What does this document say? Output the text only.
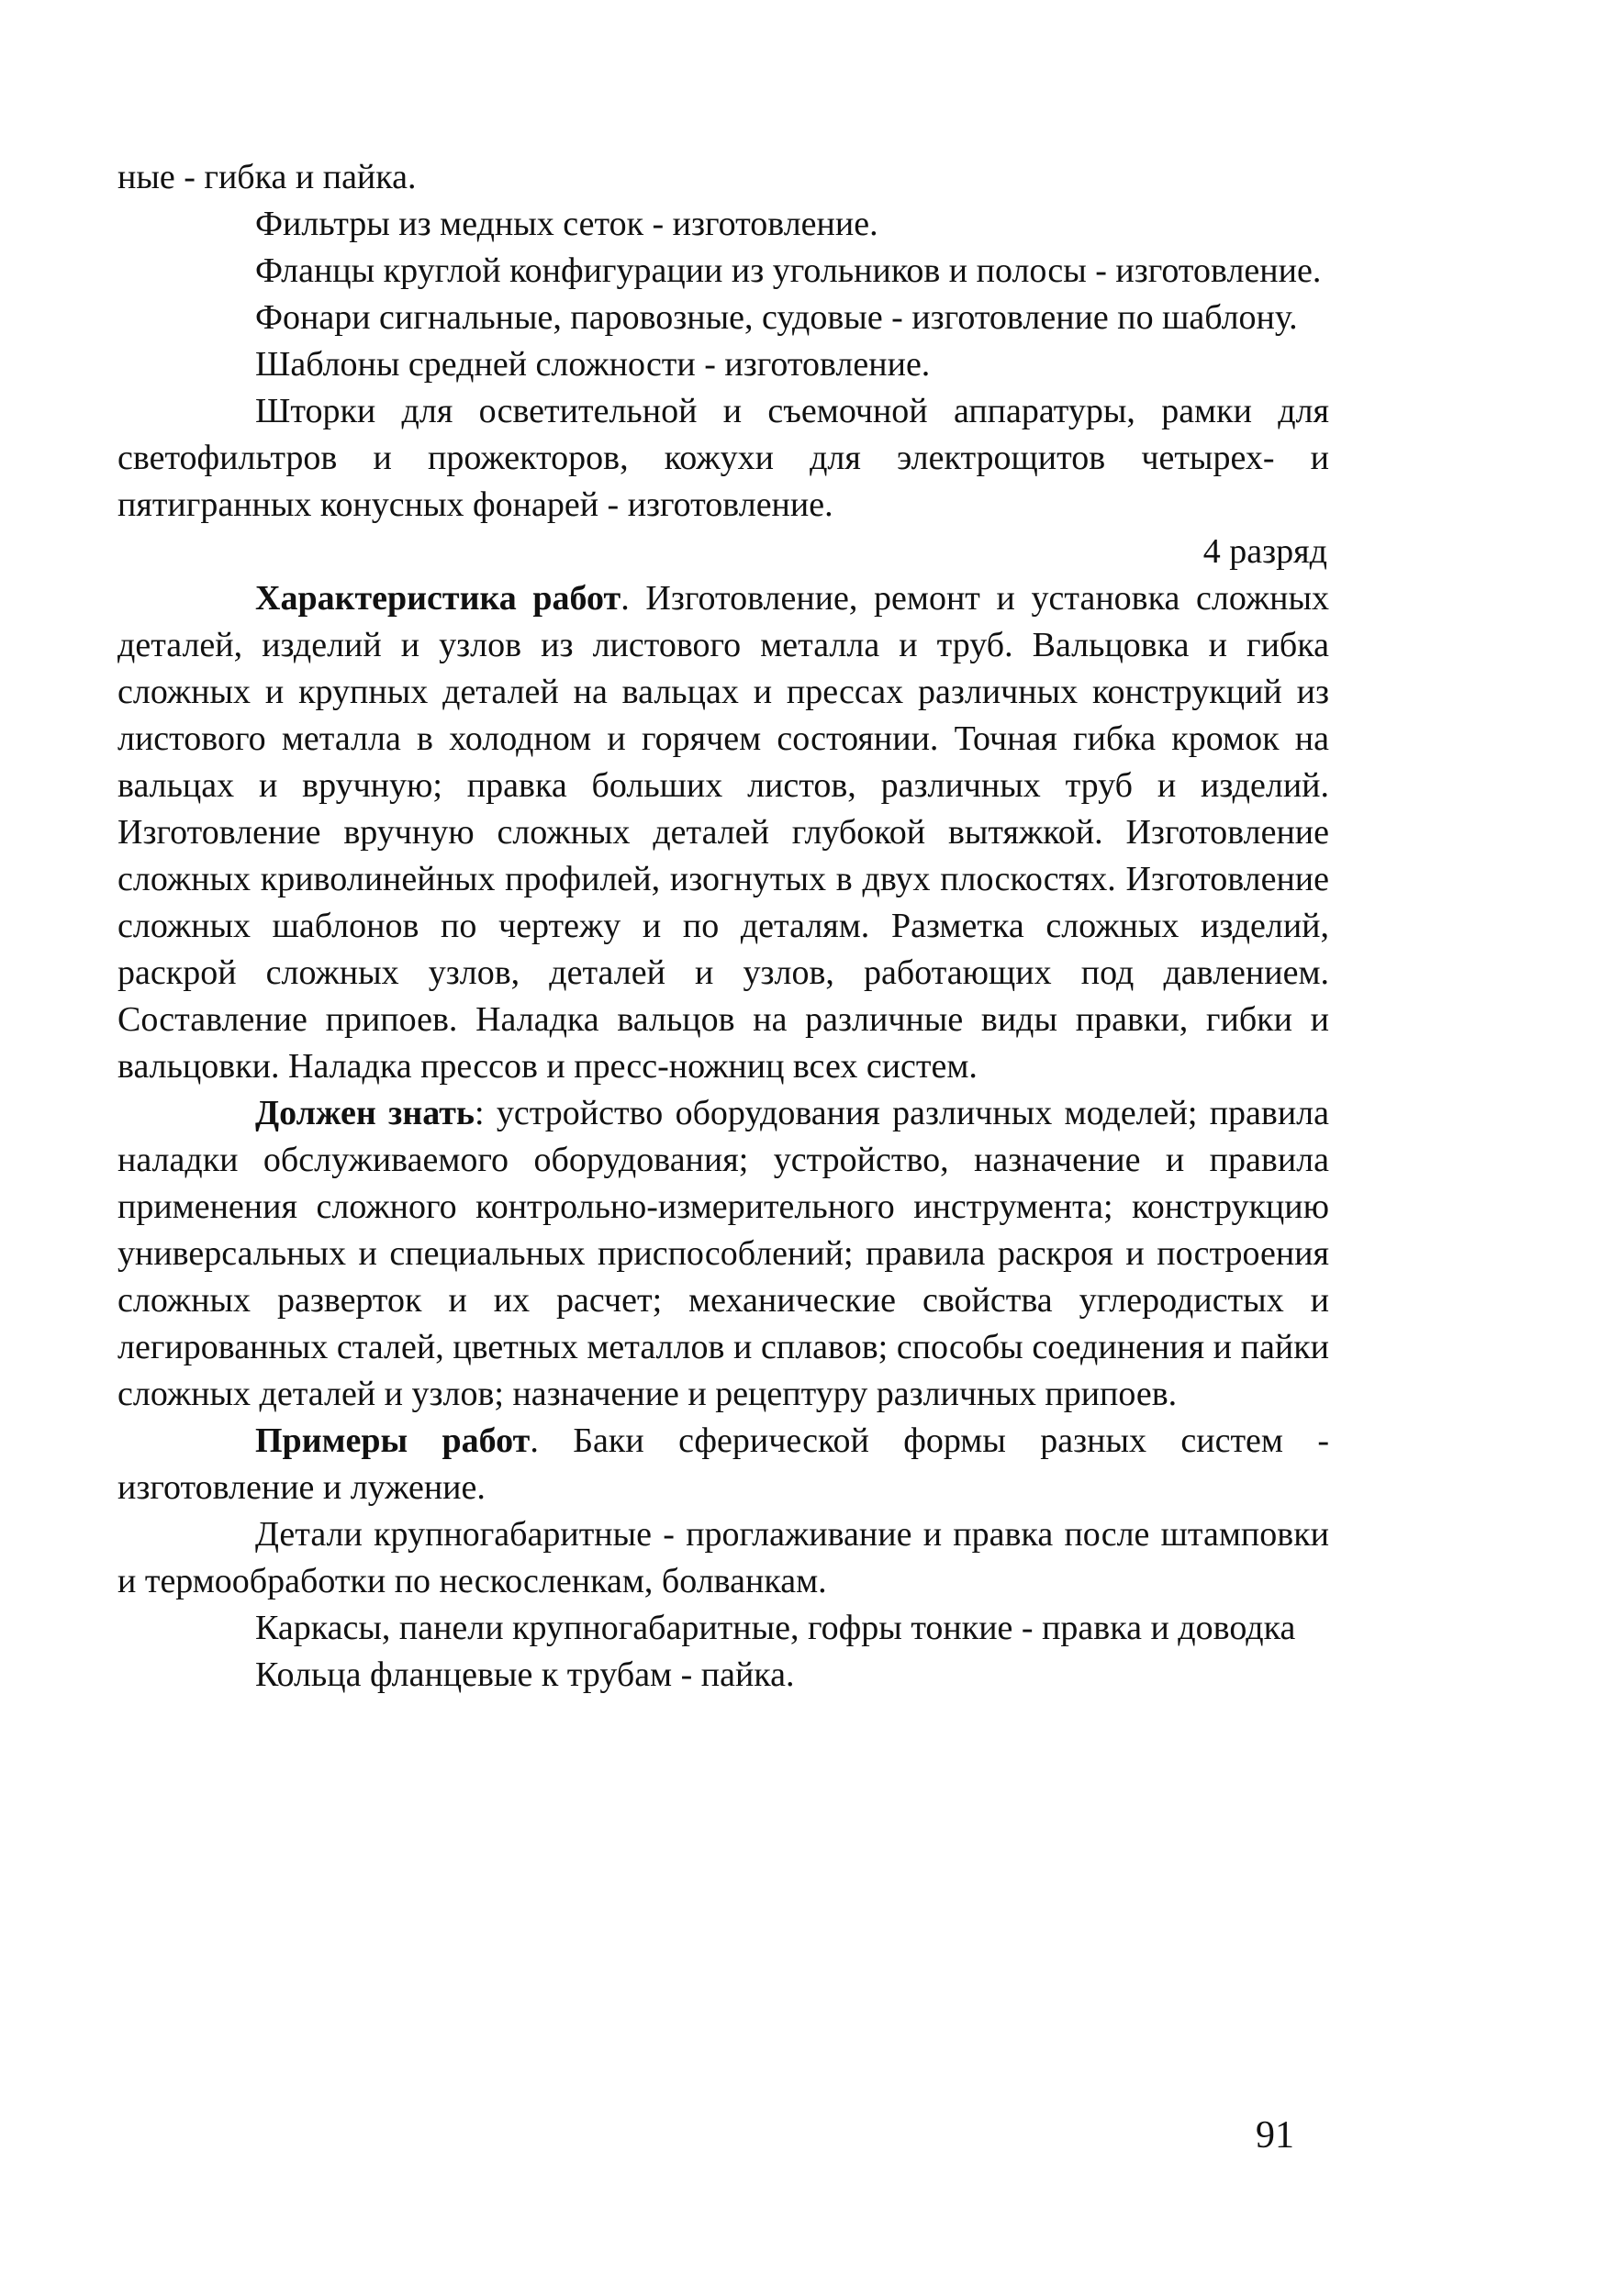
ные - гибка и пайка.

Фильтры из медных сеток - изготовление.

Фланцы круглой конфигурации из угольников и полосы - изготовление.

Фонари сигнальные, паровозные, судовые - изготовление по шаблону.

Шаблоны средней сложности - изготовление.

Шторки для осветительной и съемочной аппаратуры, рамки для светофильтров и прожекторов, кожухи для электрощитов четырех- и пятигранных конусных фонарей - изготовление.

4 разряд

Характеристика работ. Изготовление, ремонт и установка сложных деталей, изделий и узлов из листового металла и труб. Вальцовка и гибка сложных и крупных деталей на вальцах и прессах различных конструкций из листового металла в холодном и горячем состоянии. Точная гибка кромок на вальцах и вручную; правка больших листов, различных труб и изделий. Изготовление вручную сложных деталей глубокой вытяжкой. Изготовление сложных криволинейных профилей, изогнутых в двух плоскостях. Изготовление сложных шаблонов по чертежу и по деталям. Разметка сложных изделий, раскрой сложных узлов, деталей и узлов, работающих под давлением. Составление припоев. Наладка вальцов на различные виды правки, гибки и вальцовки. Наладка прессов и пресс-ножниц всех систем.

Должен знать: устройство оборудования различных моделей; правила наладки обслуживаемого оборудования; устройство, назначение и правила применения сложного контрольно-измерительного инструмента; конструкцию универсальных и специальных приспособлений; правила раскроя и построения сложных разверток и их расчет; механические свойства углеродистых и легированных сталей, цветных металлов и сплавов; способы соединения и пайки сложных деталей и узлов; назначение и рецептуру различных припоев.

Примеры работ. Баки сферической формы разных систем - изготовление и лужение.

Детали крупногабаритные - проглаживание и правка после штамповки и термообработки по нескосленкам, болванкам.

Каркасы, панели крупногабаритные, гофры тонкие - правка и доводка

Кольца фланцевые к трубам - пайка.

91
